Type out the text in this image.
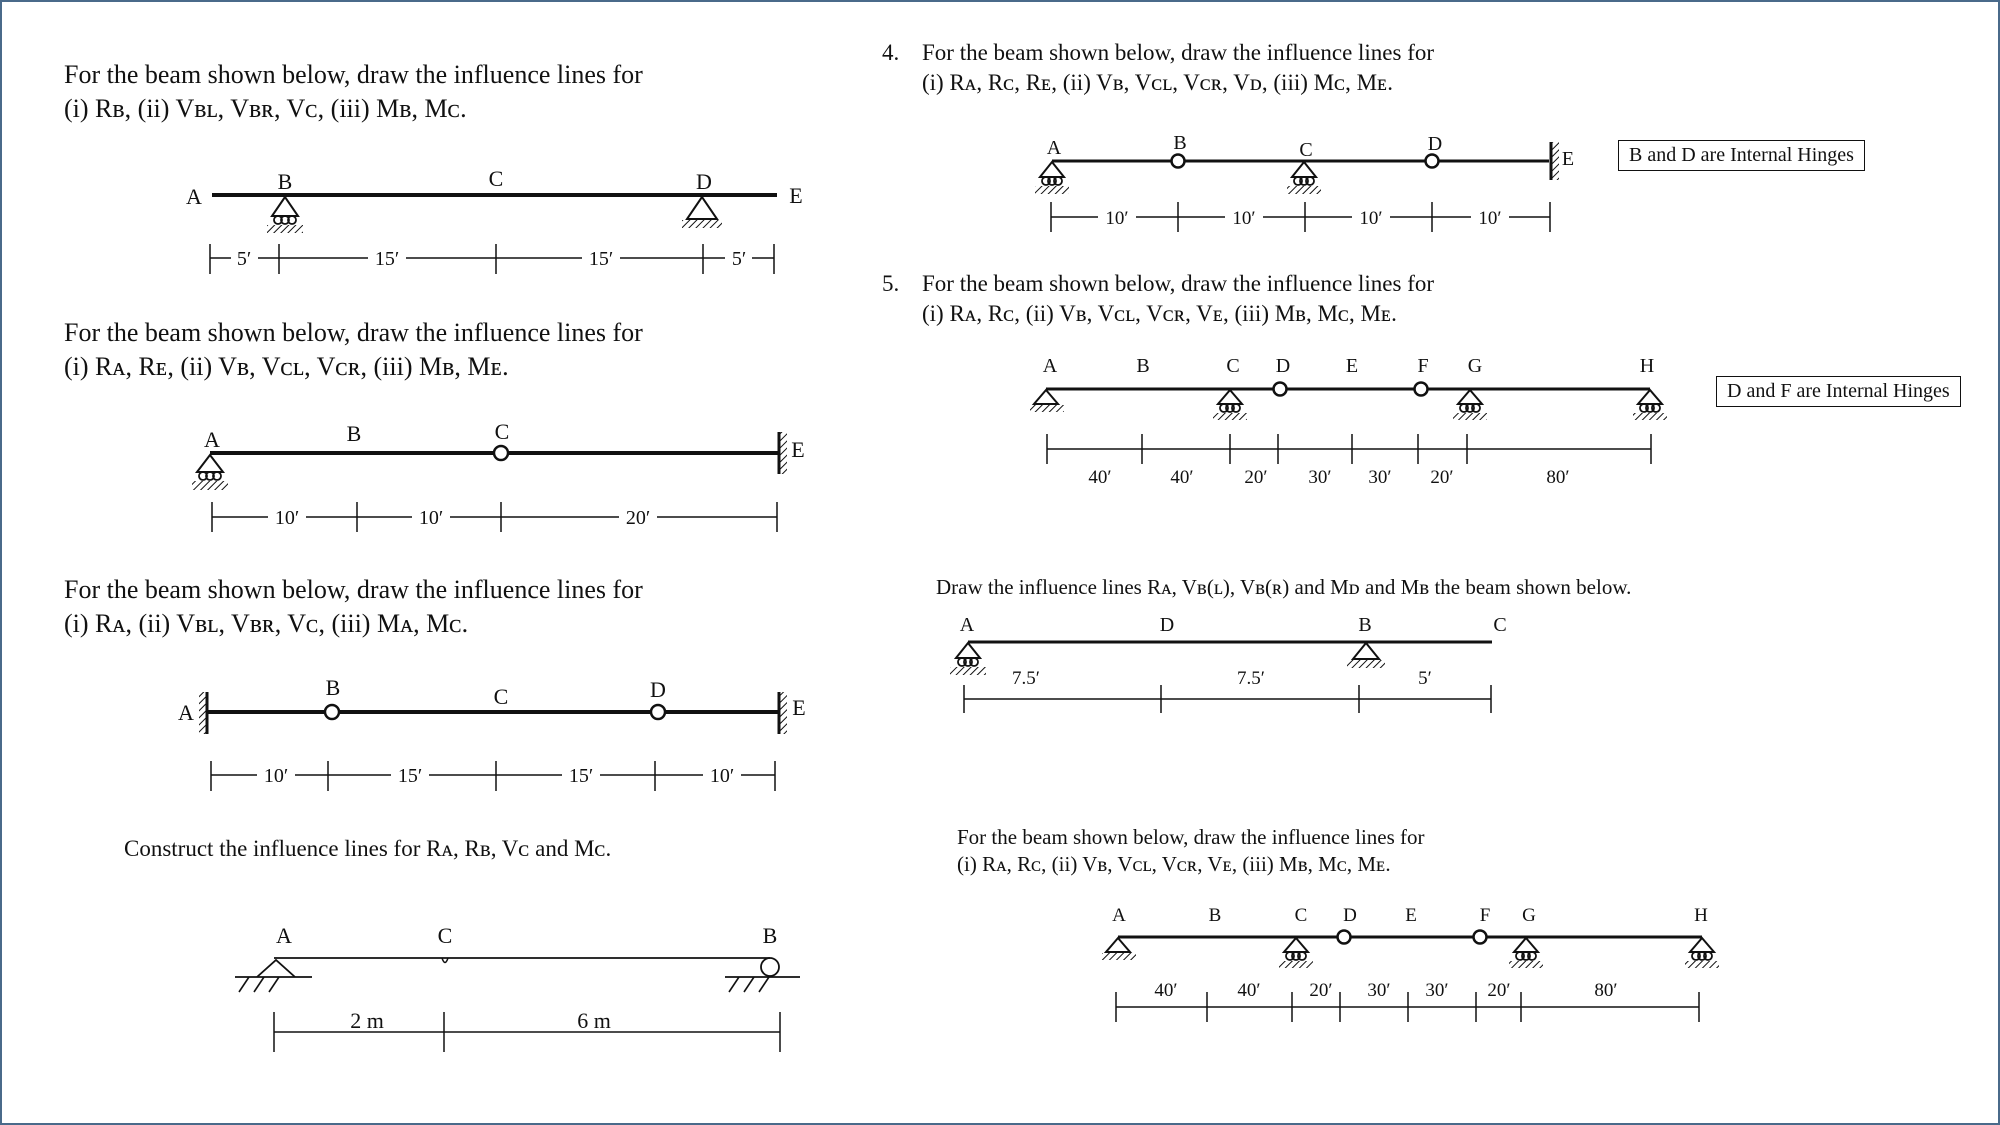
For the beam shown below, draw the influence lines for
(i) Rʙ, (ii) Vʙʟ, Vʙʀ, Vᴄ, (iii) Mʙ, Mᴄ.
For the beam shown below, draw the influence lines for
(i) Rᴀ, Rᴇ, (ii) Vʙ, Vᴄʟ, Vᴄʀ, (iii) Mʙ, Mᴇ.
For the beam shown below, draw the influence lines for
(i) Rᴀ, (ii) Vʙʟ, Vʙʀ, Vᴄ, (iii) Mᴀ, Mᴄ.
Construct the influence lines for Rᴀ, Rʙ, Vᴄ and Mᴄ.
4. For the beam shown below, draw the influence lines for
(i) Rᴀ, Rᴄ, Rᴇ, (ii) Vʙ, Vᴄʟ, Vᴄʀ, Vᴅ, (iii) Mᴄ, Mᴇ.
5. For the beam shown below, draw the influence lines for
(i) Rᴀ, Rᴄ, (ii) Vʙ, Vᴄʟ, Vᴄʀ, Vᴇ, (iii) Mʙ, Mᴄ, Mᴇ.
Draw the influence lines Rᴀ, Vʙ(ʟ), Vʙ(ʀ) and Mᴅ and Mʙ the beam shown below.
For the beam shown below, draw the influence lines for
(i) Rᴀ, Rᴄ, (ii) Vʙ, Vᴄʟ, Vᴄʀ, Vᴇ, (iii) Mʙ, Mᴄ, Mᴇ.
B and D are Internal Hinges
D and F are Internal Hinges
A
B	C	D
E
5′	15′	15′	5′
A	B	C
E
10′	10′	20′
A
B	C	D
E
10′	15′	15′	10′
A	C	B
2 m	6 m
A	B	C	D
E
10′	10′	10′	10′
A	B	C D	E	F G	H
40′	40′	20′ 30′ 30′ 20′	80′
A	D	B	C
7.5′	7.5′	5′
A	B	C D	E	F G	H
40′	40′	20′ 30′ 30′ 20′	80′
